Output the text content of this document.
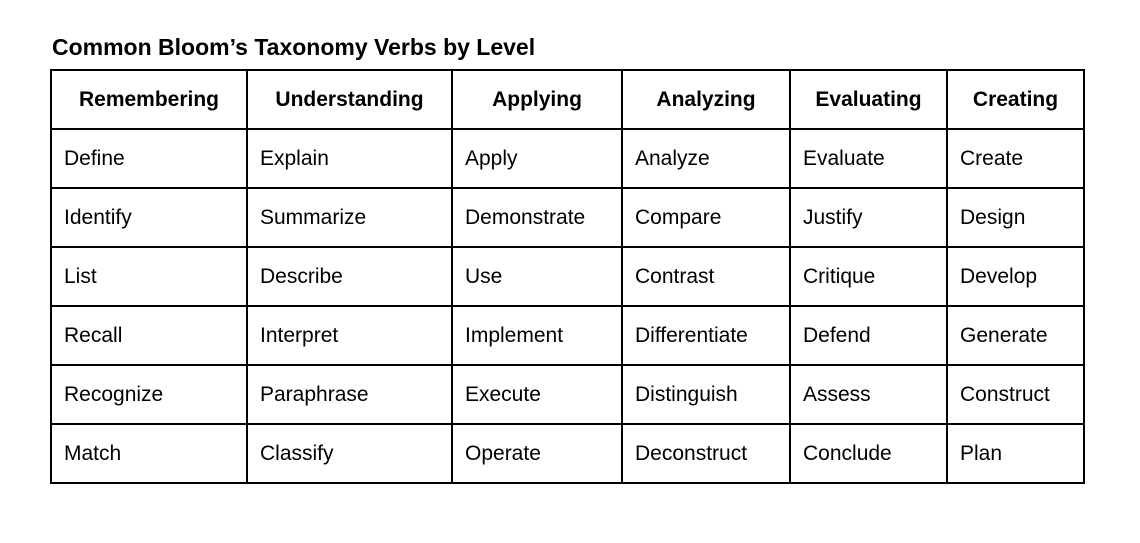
Common Bloom’s Taxonomy Verbs by Level
Remembering	Understanding	Applying	Analyzing	Evaluating	Creating
Define	Explain	Apply	Analyze	Evaluate	Create
Identify	Summarize	Demonstrate	Compare	Justify	Design
List	Describe	Use	Contrast	Critique	Develop
Recall	Interpret	Implement	Differentiate	Defend	Generate
Recognize	Paraphrase	Execute	Distinguish	Assess	Construct
Match	Classify	Operate	Deconstruct	Conclude	Plan
